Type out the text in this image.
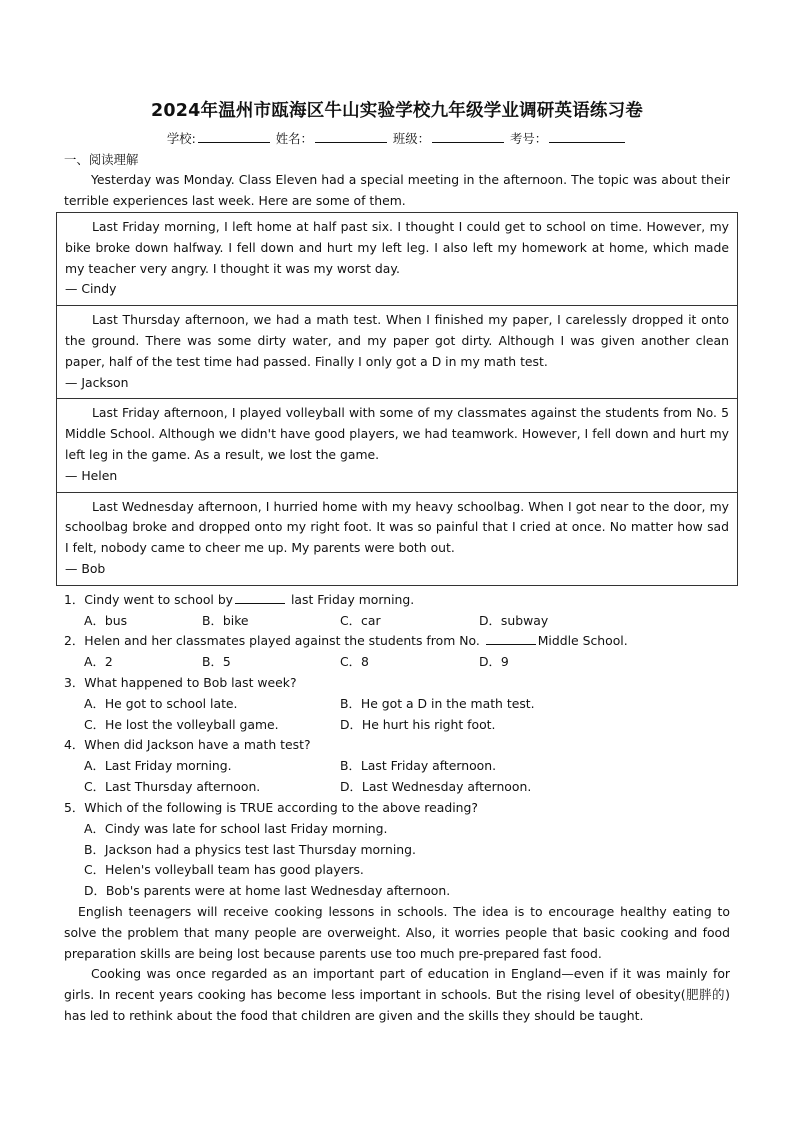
2024年温州市瓯海区牛山实验学校九年级学业调研英语练习卷
学校:	姓名：	班级：	考号：
一、阅读理解
Yesterday was Monday. Class Eleven had a special meeting in the afternoon. The topic was about their terrible experiences last week. Here are some of them.

Last Friday morning, I left home at half past six. I thought I could get to school on time. However, my bike broke down halfway. I fell down and hurt my left leg. I also left my homework at home, which made my teacher very angry. I thought it was my worst day.

— Cindy

Last Thursday afternoon, we had a math test. When I finished my paper, I carelessly dropped it onto the ground. There was some dirty water, and my paper got dirty. Although I was given another clean paper, half of the test time had passed. Finally I only got a D in my math test.

— Jackson

Last Friday afternoon, I played volleyball with some of my classmates against the students from No. 5 Middle School. Although we didn't have good players, we had teamwork. However, I fell down and hurt my left leg in the game. As a result, we lost the game.

— Helen

Last Wednesday afternoon, I hurried home with my heavy schoolbag. When I got near to the door, my schoolbag broke and dropped onto my right foot. It was so painful that I cried at once. No matter how sad I felt, nobody came to cheer me up. My parents were both out.

— Bob

1．Cindy went to school by	last Friday morning.
A．bus	B．bike	C．car	D．subway
2．Helen and her classmates played against the students from No.	Middle School.
A．2	B．5	C．8	D．9
3．What happened to Bob last week?
A．He got to school late.	B．He got a D in the math test.
C．He lost the volleyball game.	D．He hurt his right foot.
4．When did Jackson have a math test?
A．Last Friday morning.	B．Last Friday afternoon.
C．Last Thursday afternoon.	D．Last Wednesday afternoon.
5．Which of the following is TRUE according to the above reading?
A．Cindy was late for school last Friday morning.
B．Jackson had a physics test last Thursday morning.
C．Helen's volleyball team has good players.
D．Bob's parents were at home last Wednesday afternoon.
English teenagers will receive cooking lessons in schools. The idea is to encourage healthy eating to solve the problem that many people are overweight. Also, it worries people that basic cooking and food preparation skills are being lost because parents use too much pre-prepared fast food.
Cooking was once regarded as an important part of education in England—even if it was mainly for girls. In recent years cooking has become less important in schools. But the rising level of obesity(肥胖的) has led to rethink about the food that children are given and the skills they should be taught.
